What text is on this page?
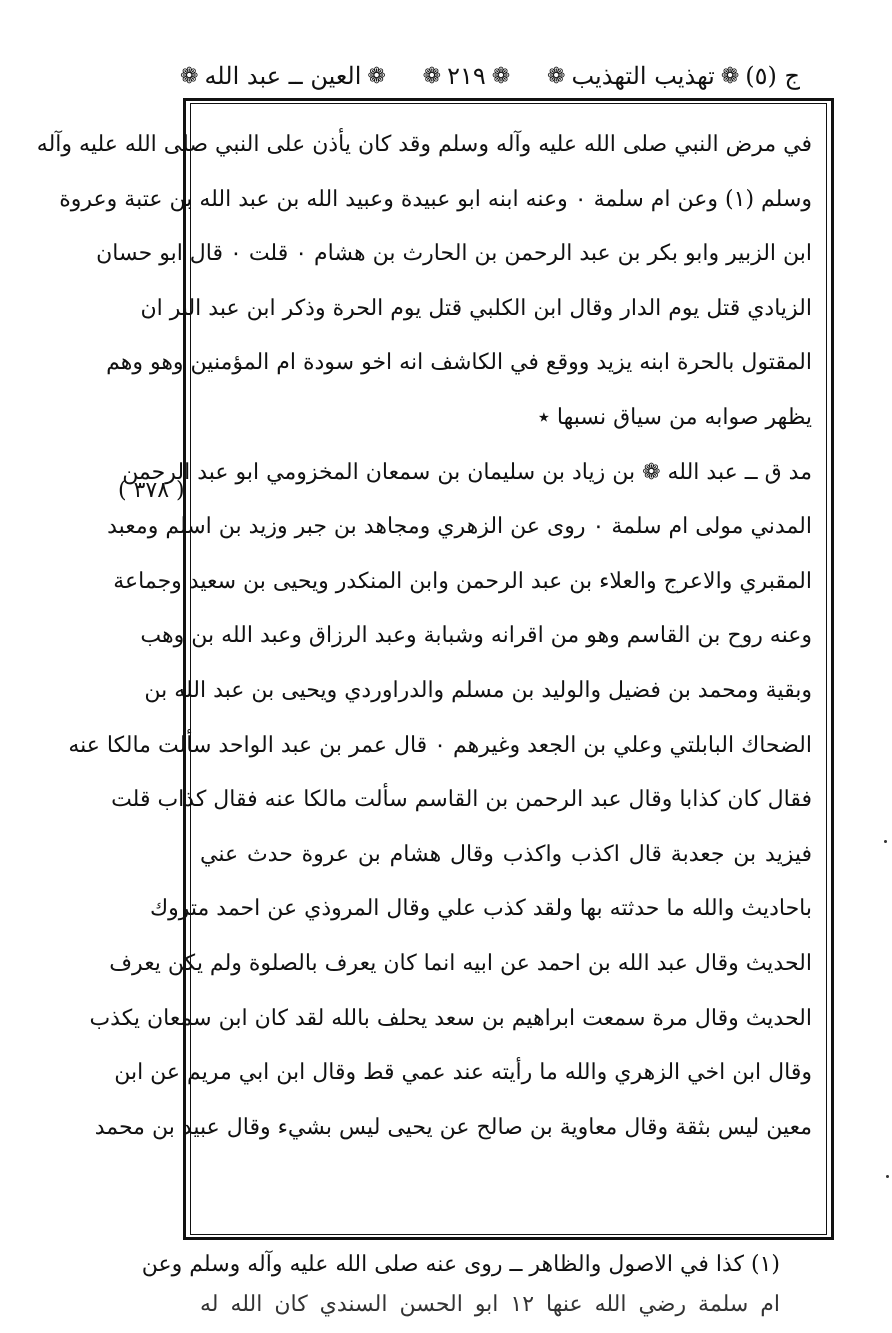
ج (٥)
❁
تهذيب التهذيب
❁
❁
٢١٩
❁
❁
العين ــ عبد الله
❁
( ٣٧٨ )
في مرض النبي صلى الله عليه وآله وسلم وقد كان يأذن على النبي صلى الله عليه وآله
وسلم (١) وعن ام سلمة ٠ وعنه ابنه ابو عبيدة وعبيد الله بن عبد الله بن عتبة وعروة
ابن الزبير وابو بكر بن عبد الرحمن بن الحارث بن هشام ٠ قلت ٠ قال ابو حسان
الزيادي قتل يوم الدار وقال ابن الكلبي قتل يوم الحرة وذكر ابن عبد البر ان
المقتول بالحرة ابنه يزيد ووقع في الكاشف انه اخو سودة ام المؤمنين وهو وهم
يظهر صوابه من سياق نسبها ٭
مد ق ــ عبد الله ❁ بن زياد بن سليمان بن سمعان المخزومي ابو عبد الرحمن
المدني مولى ام سلمة ٠ روى عن الزهري ومجاهد بن جبر وزيد بن اسلم ومعبد
المقبري والاعرج والعلاء بن عبد الرحمن وابن المنكدر ويحيى بن سعيد وجماعة
وعنه روح بن القاسم وهو من اقرانه وشبابة وعبد الرزاق وعبد الله بن وهب
وبقية ومحمد بن فضيل والوليد بن مسلم والدراوردي ويحيى بن عبد الله بن
الضحاك البابلتي وعلي بن الجعد وغيرهم ٠ قال عمر بن عبد الواحد سألت مالكا عنه
فقال كان كذابا وقال عبد الرحمن بن القاسم سألت مالكا عنه فقال كذاب قلت
فيزيد بن جعدبة قال اكذب واكذب وقال هشام بن عروة حدث عني
باحاديث والله ما حدثته بها ولقد كذب علي وقال المروذي عن احمد متروك
الحديث وقال عبد الله بن احمد عن ابيه انما كان يعرف بالصلوة ولم يكن يعرف
الحديث وقال مرة سمعت ابراهيم بن سعد يحلف بالله لقد كان ابن سمعان يكذب
وقال ابن اخي الزهري والله ما رأيته عند عمي قط وقال ابن ابي مريم عن ابن
معين ليس بثقة وقال معاوية بن صالح عن يحيى ليس بشيء وقال عبيد بن محمد
(١) كذا في الاصول والظاهر ــ روى عنه صلى الله عليه وآله وسلم وعن
ام سلمة رضي الله عنها ١٢ ابو الحسن السندي كان الله له
